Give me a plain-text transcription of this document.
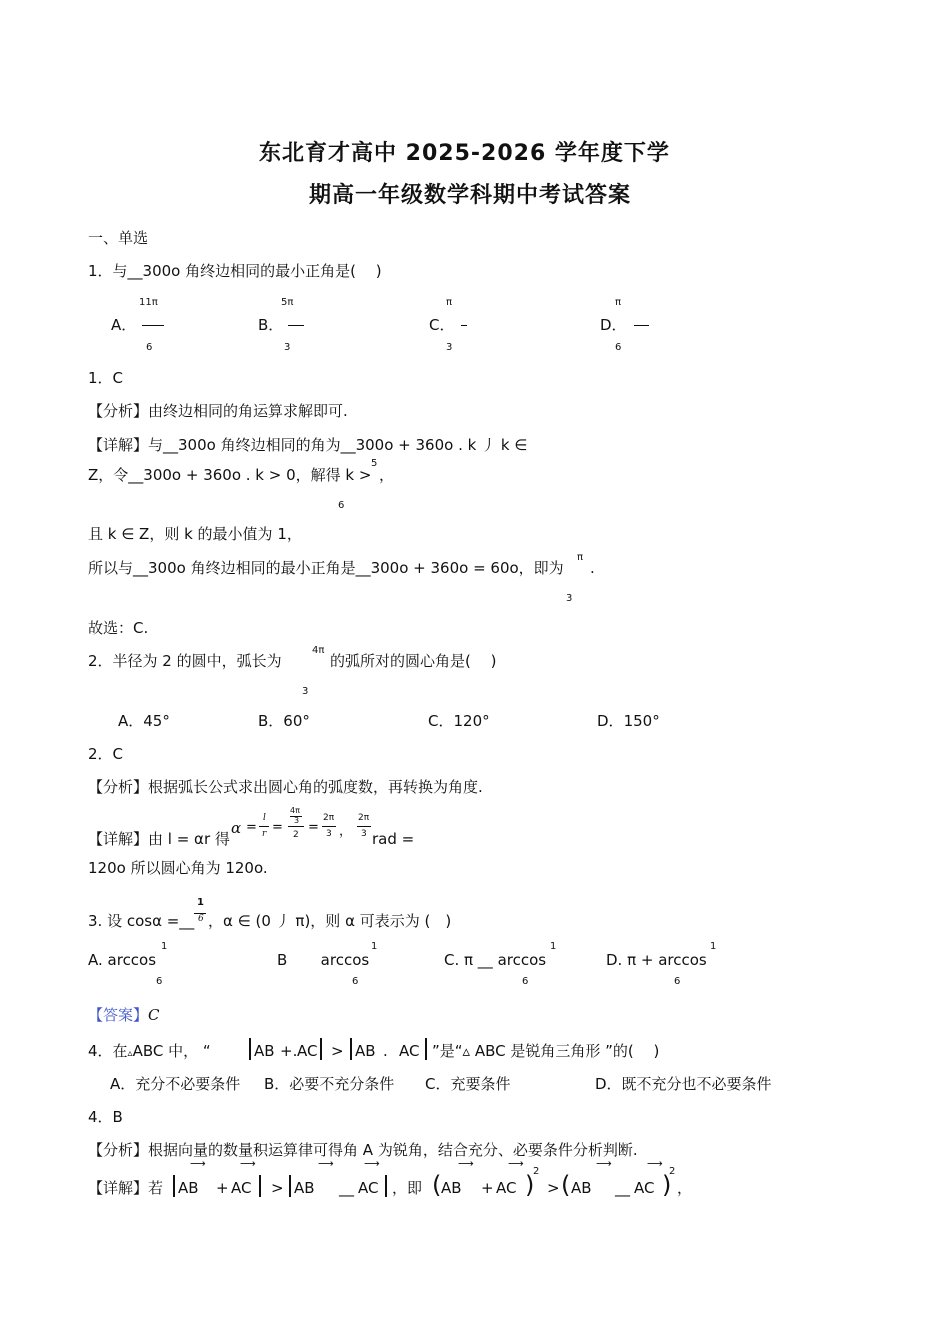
东北育才高中 2025-2026 学年度下学
期高一年级数学科期中考试答案
一、单选
1．与__300o 角终边相同的最小正角是(　 )
11π
A．
6
5π
B．
3
π
C．
3
π
D．
6
1．C
【分析】由终边相同的角运算求解即可.
【详解】与__300o 角终边相同的角为__300o + 360o . k 丿 k ∈
Z，令__300o + 360o . k > 0，解得 k >
5
，
6
且 k ∈ Z，则 k 的最小值为 1，
所以与__300o 角终边相同的最小正角是__300o + 360o = 60o，即为
π
.
3
故选：C.
2．半径为 2 的圆中，弧长为
4π
的弧所对的圆心角是(　 )
3
A．45°	B．60°	C．120°	D．150°
2．C
【分析】根据弧长公式求出圆心角的弧度数，再转换为角度.
【详解】由 l = αr 得
α =
l
r =
4π
3
2 =
2π
3 ，
2π
3 rad =
120o 所以圆心角为 120o.
3. 设 cosα =__
1
6 ，α ∈ (0 丿 π)，则 α 可表示为 (　)
A. arccos
1
6
B       arccos
1
6
C. π __ arccos
1
6
D. π + arccos
1
6
【答案】C
4．在▵ABC 中， “	AB +. AC > AB . AC ”是“▵ ABC 是锐角三角形 ”的(　 )
A．充分不必要条件 B．必要不充分条件 C．充要条件	D．既不充分也不必要条件
4．B
【分析】根据向量的数量积运算律可得角 A 为锐角，结合充分、必要条件分析判断.
【详解】若
⟶
AB +
⟶
AC >
⟶
AB __
⟶
AC ，即 (
⟶
AB +
⟶
AC )
2
> (
⟶
AB __
⟶
AC )
2
，
